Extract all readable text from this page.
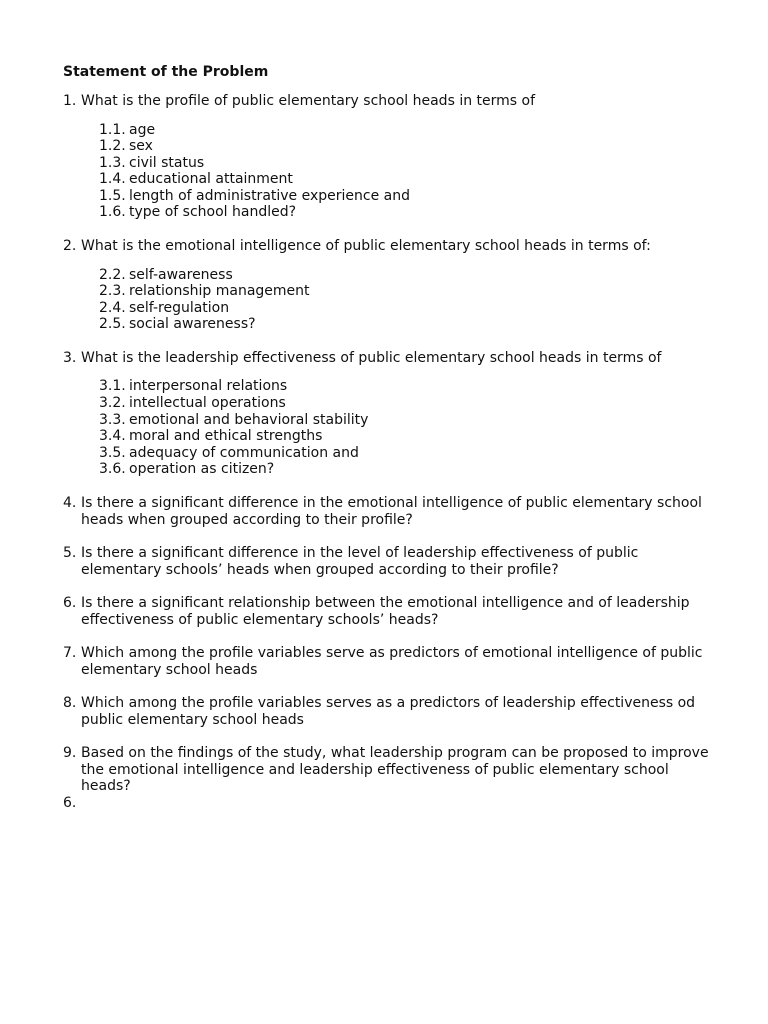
Statement of the Problem
1. What is the profile of public elementary school heads in terms of
1.1. age
1.2. sex
1.3. civil status
1.4. educational attainment
1.5. length of administrative experience and
1.6. type of school handled?
2. What is the emotional intelligence of public elementary school heads in terms of:
2.2. self-awareness
2.3. relationship management
2.4. self-regulation
2.5. social awareness?
3. What is the leadership effectiveness of public elementary school heads in terms of
3.1. interpersonal relations
3.2. intellectual operations
3.3. emotional and behavioral stability
3.4. moral and ethical strengths
3.5. adequacy of communication and
3.6. operation as citizen?
4. Is there a significant difference in the emotional intelligence of public elementary school heads when grouped according to their profile?
5. Is there a significant difference in the level of leadership effectiveness of public elementary schools’ heads when grouped according to their profile?
6. Is there a significant relationship between the emotional intelligence and of leadership effectiveness of public elementary schools’ heads?
7. Which among the profile variables serve as predictors of emotional intelligence of public elementary school heads
8. Which among the profile variables serves as a predictors of leadership effectiveness od public elementary school heads
9. Based on the findings of the study, what leadership program can be proposed to improve the emotional intelligence and leadership effectiveness of public elementary school heads?
6.
